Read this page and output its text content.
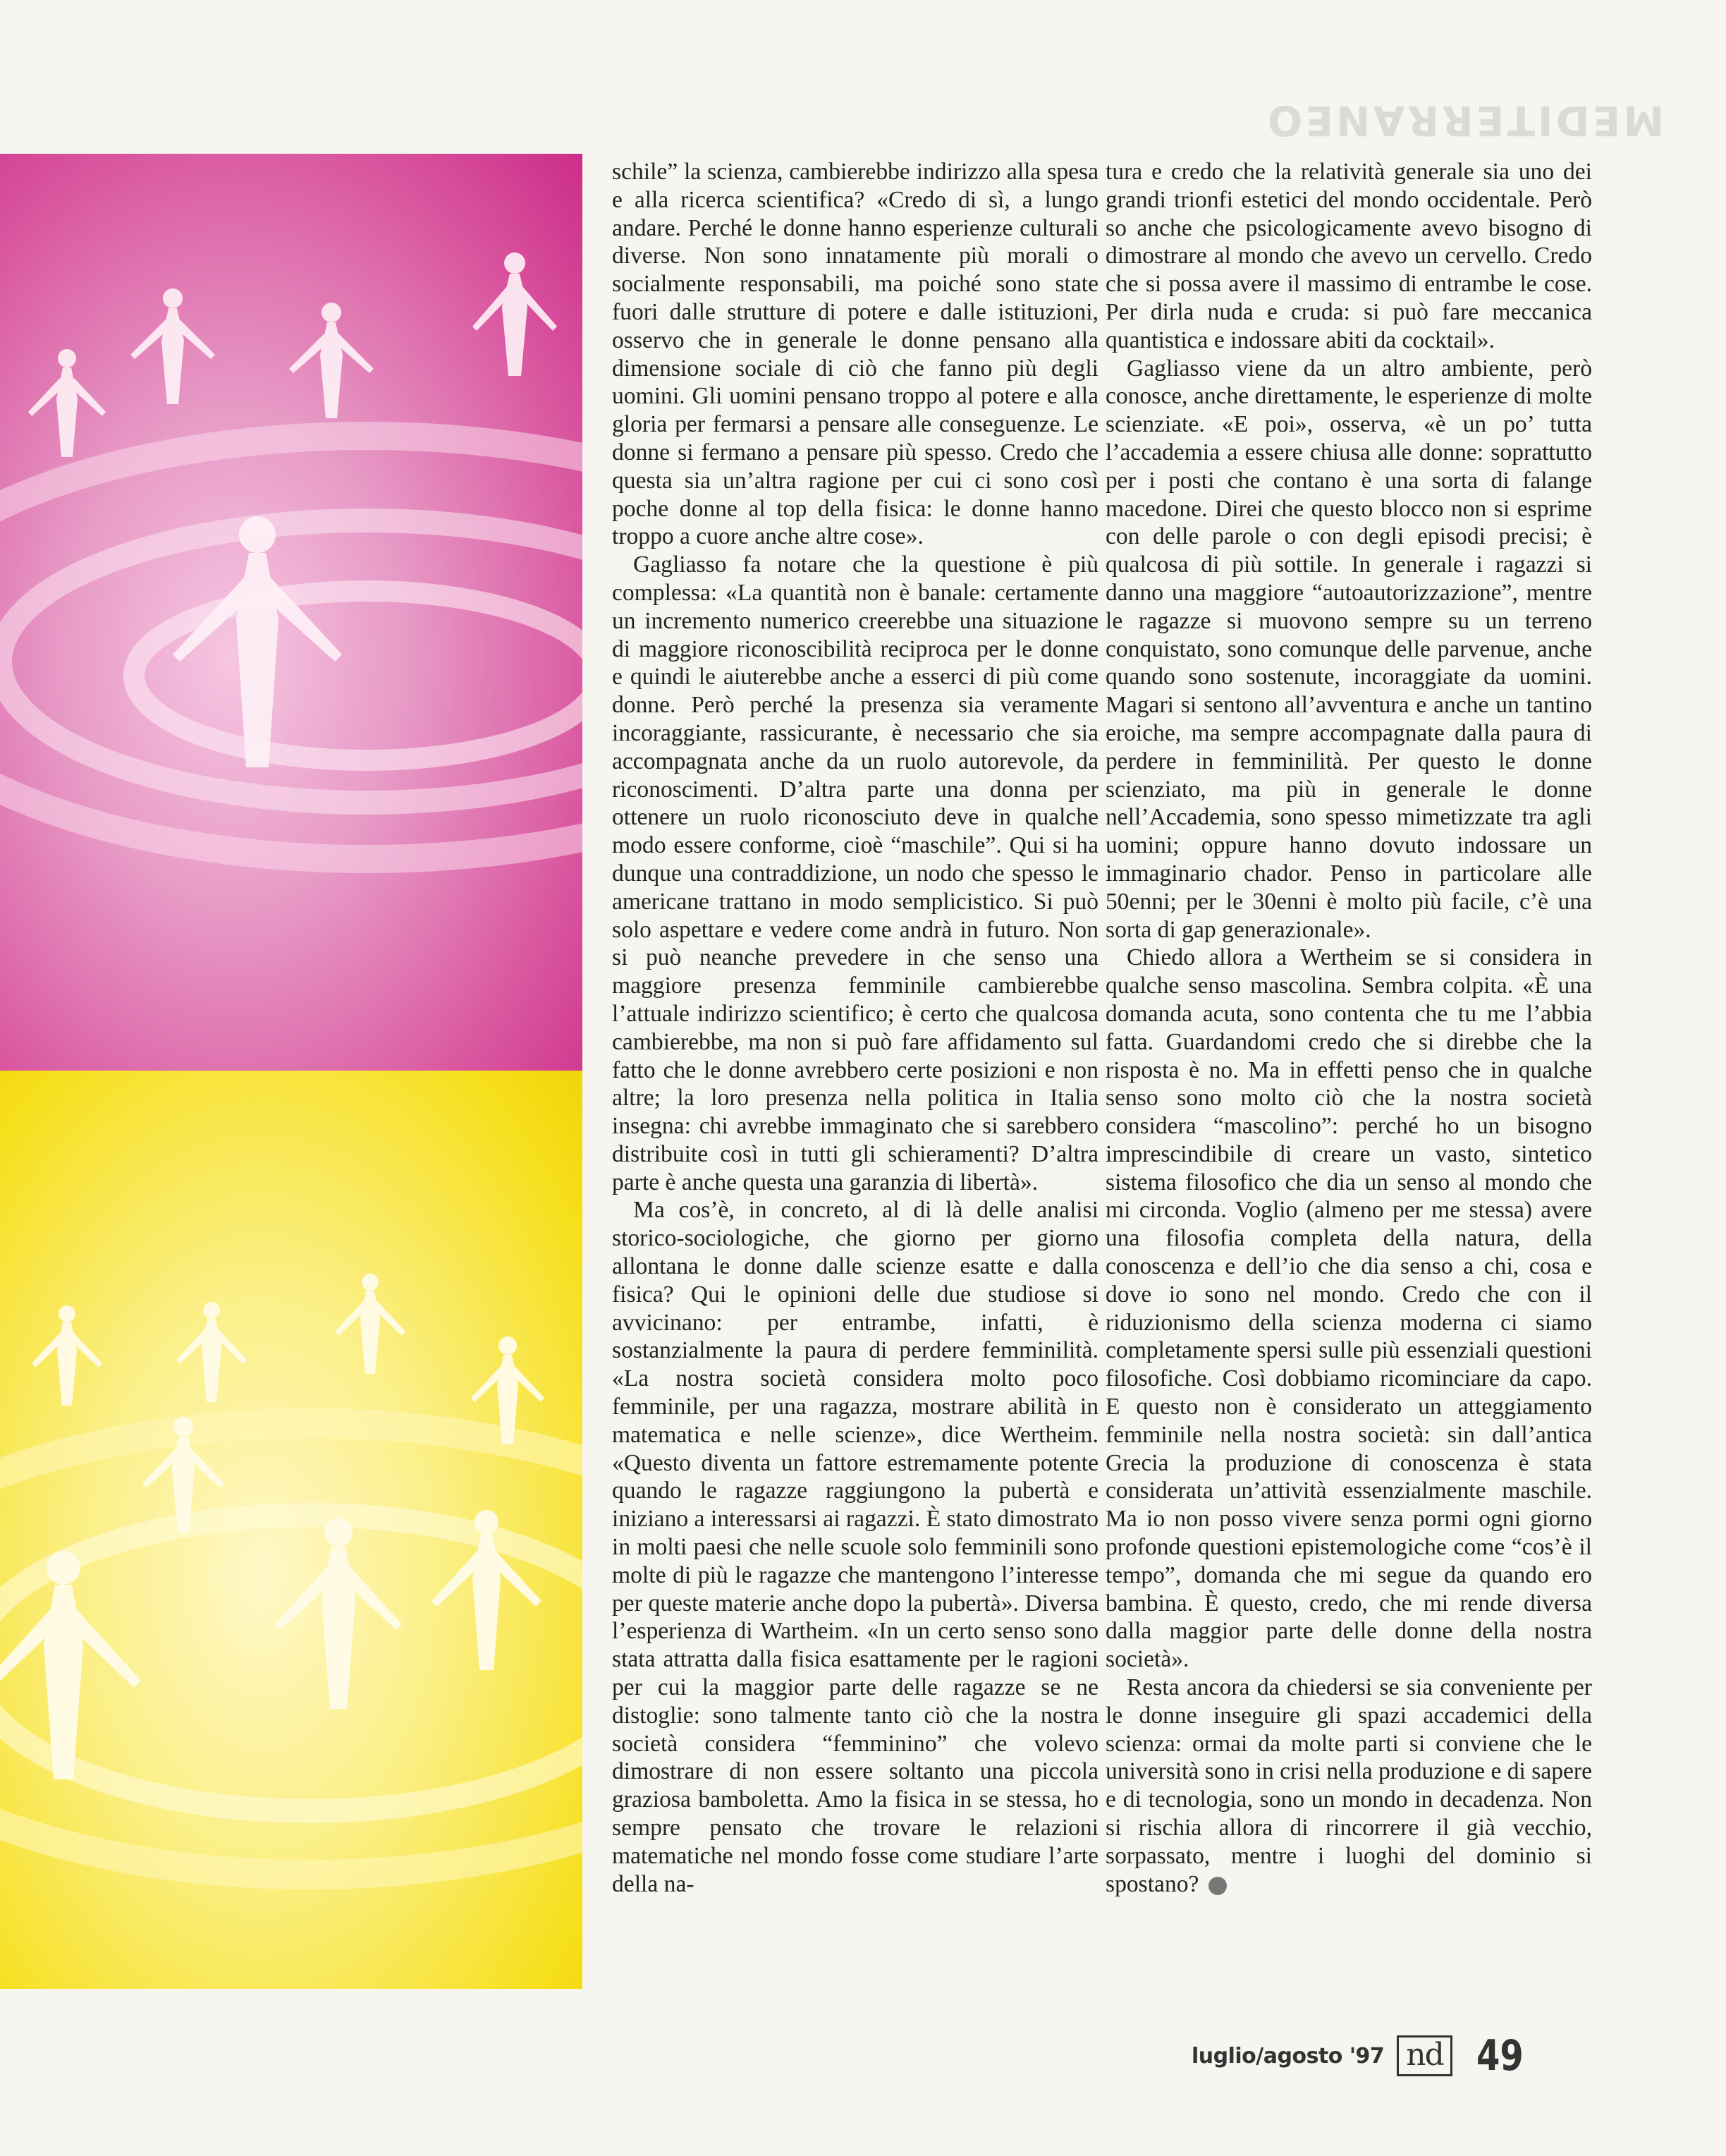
MEDITERRANEO

schile” la scienza, cambierebbe indirizzo alla spesa e alla ricerca scientifica? «Credo di sì, a lungo andare. Perché le donne hanno esperienze culturali diverse. Non sono innatamente più morali o socialmente responsabili, ma poiché sono state fuori dalle strutture di potere e dalle istituzioni, osservo che in generale le donne pensano alla dimensione sociale di ciò che fanno più degli uomini. Gli uomini pensano troppo al potere e alla gloria per fermarsi a pensare alle conseguenze. Le donne si fermano a pensare più spesso. Credo che questa sia un’altra ragione per cui ci sono così poche donne al top della fisica: le donne hanno troppo a cuore anche altre cose».

Gagliasso fa notare che la questione è più complessa: «La quantità non è banale: certamente un incremento numerico creerebbe una situazione di maggiore riconoscibilità reciproca per le donne e quindi le aiuterebbe anche a esserci di più come donne. Però perché la presenza sia veramente incoraggiante, rassicurante, è necessario che sia accompagnata anche da un ruolo autorevole, da riconoscimenti. D’altra parte una donna per ottenere un ruolo riconosciuto deve in qualche modo essere conforme, cioè “maschile”. Qui si ha dunque una contraddizione, un nodo che spesso le americane trattano in modo semplicistico. Si può solo aspettare e vedere come andrà in futuro. Non si può neanche prevedere in che senso una maggiore presenza femminile cambierebbe l’attuale indirizzo scientifico; è certo che qualcosa cambierebbe, ma non si può fare affidamento sul fatto che le donne avrebbero certe posizioni e non altre; la loro presenza nella politica in Italia insegna: chi avrebbe immaginato che si sarebbero distribuite così in tutti gli schieramenti? D’altra parte è anche questa una garanzia di libertà».

Ma cos’è, in concreto, al di là delle analisi storico-sociologiche, che giorno per giorno allontana le donne dalle scienze esatte e dalla fisica? Qui le opinioni delle due studiose si avvicinano: per entrambe, infatti, è sostanzialmente la paura di perdere femminilità. «La nostra società considera molto poco femminile, per una ragazza, mostrare abilità in matematica e nelle scienze», dice Wertheim. «Questo diventa un fattore estremamente potente quando le ragazze raggiungono la pubertà e iniziano a interessarsi ai ragazzi. È stato dimostrato in molti paesi che nelle scuole solo femminili sono molte di più le ragazze che mantengono l’interesse per queste materie anche dopo la pubertà». Diversa l’esperienza di Wartheim. «In un certo senso sono stata attratta dalla fisica esattamente per le ragioni per cui la maggior parte delle ragazze se ne distoglie: sono talmente tanto ciò che la nostra società considera “femminino” che volevo dimostrare di non essere soltanto una piccola graziosa bamboletta. Amo la fisica in se stessa, ho sempre pensato che trovare le relazioni matematiche nel mondo fosse come studiare l’arte della na-

tura e credo che la relatività generale sia uno dei grandi trionfi estetici del mondo occidentale. Però so anche che psicologicamente avevo bisogno di dimostrare al mondo che avevo un cervello. Credo che si possa avere il massimo di entrambe le cose. Per dirla nuda e cruda: si può fare meccanica quantistica e indossare abiti da cocktail».

Gagliasso viene da un altro ambiente, però conosce, anche direttamente, le esperienze di molte scienziate. «E poi», osserva, «è un po’ tutta l’accademia a essere chiusa alle donne: soprattutto per i posti che contano è una sorta di falange macedone. Direi che questo blocco non si esprime con delle parole o con degli episodi precisi; è qualcosa di più sottile. In generale i ragazzi si danno una maggiore “autoautorizzazione”, mentre le ragazze si muovono sempre su un terreno conquistato, sono comunque delle parvenue, anche quando sono sostenute, incoraggiate da uomini. Magari si sentono all’avventura e anche un tantino eroiche, ma sempre accompagnate dalla paura di perdere in femminilità. Per questo le donne scienziato, ma più in generale le donne nell’Accademia, sono spesso mimetizzate tra agli uomini; oppure hanno dovuto indossare un immaginario chador. Penso in particolare alle 50enni; per le 30enni è molto più facile, c’è una sorta di gap generazionale».

Chiedo allora a Wertheim se si considera in qualche senso mascolina. Sembra colpita. «È una domanda acuta, sono contenta che tu me l’abbia fatta. Guardandomi credo che si direbbe che la risposta è no. Ma in effetti penso che in qualche senso sono molto ciò che la nostra società considera “mascolino”: perché ho un bisogno imprescindibile di creare un vasto, sintetico sistema filosofico che dia un senso al mondo che mi circonda. Voglio (almeno per me stessa) avere una filosofia completa della natura, della conoscenza e dell’io che dia senso a chi, cosa e dove io sono nel mondo. Credo che con il riduzionismo della scienza moderna ci siamo completamente spersi sulle più essenziali questioni filosofiche. Così dobbiamo ricominciare da capo. E questo non è considerato un atteggiamento femminile nella nostra società: sin dall’antica Grecia la produzione di conoscenza è stata considerata un’attività essenzialmente maschile. Ma io non posso vivere senza pormi ogni giorno profonde questioni epistemologiche come “cos’è il tempo”, domanda che mi segue da quando ero bambina. È questo, credo, che mi rende diversa dalla maggior parte delle donne della nostra società».

Resta ancora da chiedersi se sia conveniente per le donne inseguire gli spazi accademici della scienza: ormai da molte parti si conviene che le università sono in crisi nella produzione e di sapere e di tecnologia, sono un mondo in decadenza. Non si rischia allora di rincorrere il già vecchio, sorpassato, mentre i luoghi del dominio si spostano?

luglio/agosto '97 nd 49
